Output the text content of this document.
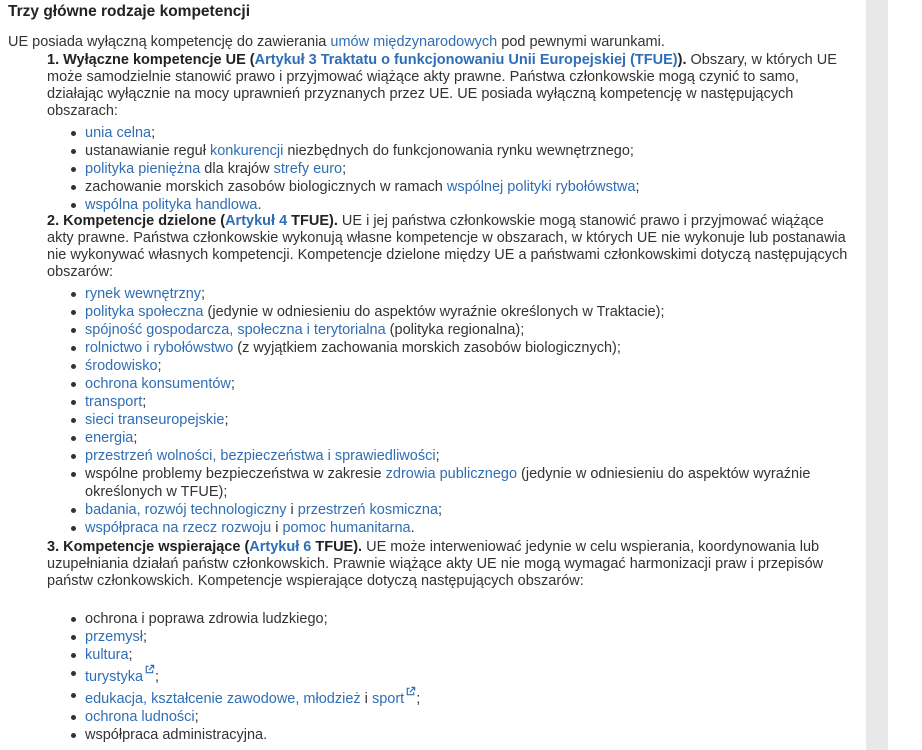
Trzy główne rodzaje kompetencji

UE posiada wyłączną kompetencję do zawierania umów międzynarodowych pod pewnymi warunkami.

1. Wyłączne kompetencje UE (Artykuł 3 Traktatu o funkcjonowaniu Unii Europejskiej (TFUE)). Obszary, w których UE może samodzielnie stanowić prawo i przyjmować wiążące akty prawne. Państwa członkowskie mogą czynić to samo, działając wyłącznie na mocy uprawnień przyznanych przez UE. UE posiada wyłączną kompetencję w następujących obszarach:

unia celna;
ustanawianie reguł konkurencji niezbędnych do funkcjonowania rynku wewnętrznego;
polityka pieniężna dla krajów strefy euro;
zachowanie morskich zasobów biologicznych w ramach wspólnej polityki rybołówstwa;
wspólna polityka handlowa.

2. Kompetencje dzielone (Artykuł 4 TFUE). UE i jej państwa członkowskie mogą stanowić prawo i przyjmować wiążące akty prawne. Państwa członkowskie wykonują własne kompetencje w obszarach, w których UE nie wykonuje lub postanawia nie wykonywać własnych kompetencji. Kompetencje dzielone między UE a państwami członkowskimi dotyczą następujących obszarów:

rynek wewnętrzny;
polityka społeczna (jedynie w odniesieniu do aspektów wyraźnie określonych w Traktacie);
spójność gospodarcza, społeczna i terytorialna (polityka regionalna);
rolnictwo i rybołówstwo (z wyjątkiem zachowania morskich zasobów biologicznych);
środowisko;
ochrona konsumentów;
transport;
sieci transeuropejskie;
energia;
przestrzeń wolności, bezpieczeństwa i sprawiedliwości;
wspólne problemy bezpieczeństwa w zakresie zdrowia publicznego (jedynie w odniesieniu do aspektów wyraźnie określonych w TFUE);
badania, rozwój technologiczny i przestrzeń kosmiczna;
współpraca na rzecz rozwoju i pomoc humanitarna.

3. Kompetencje wspierające (Artykuł 6 TFUE). UE może interweniować jedynie w celu wspierania, koordynowania lub uzupełniania działań państw członkowskich. Prawnie wiążące akty UE nie mogą wymagać harmonizacji praw i przepisów państw członkowskich. Kompetencje wspierające dotyczą następujących obszarów:

ochrona i poprawa zdrowia ludzkiego;
przemysł;
kultura;
turystyka ;
edukacja, kształcenie zawodowe, młodzież i sport ;
ochrona ludności;
współpraca administracyjna.
